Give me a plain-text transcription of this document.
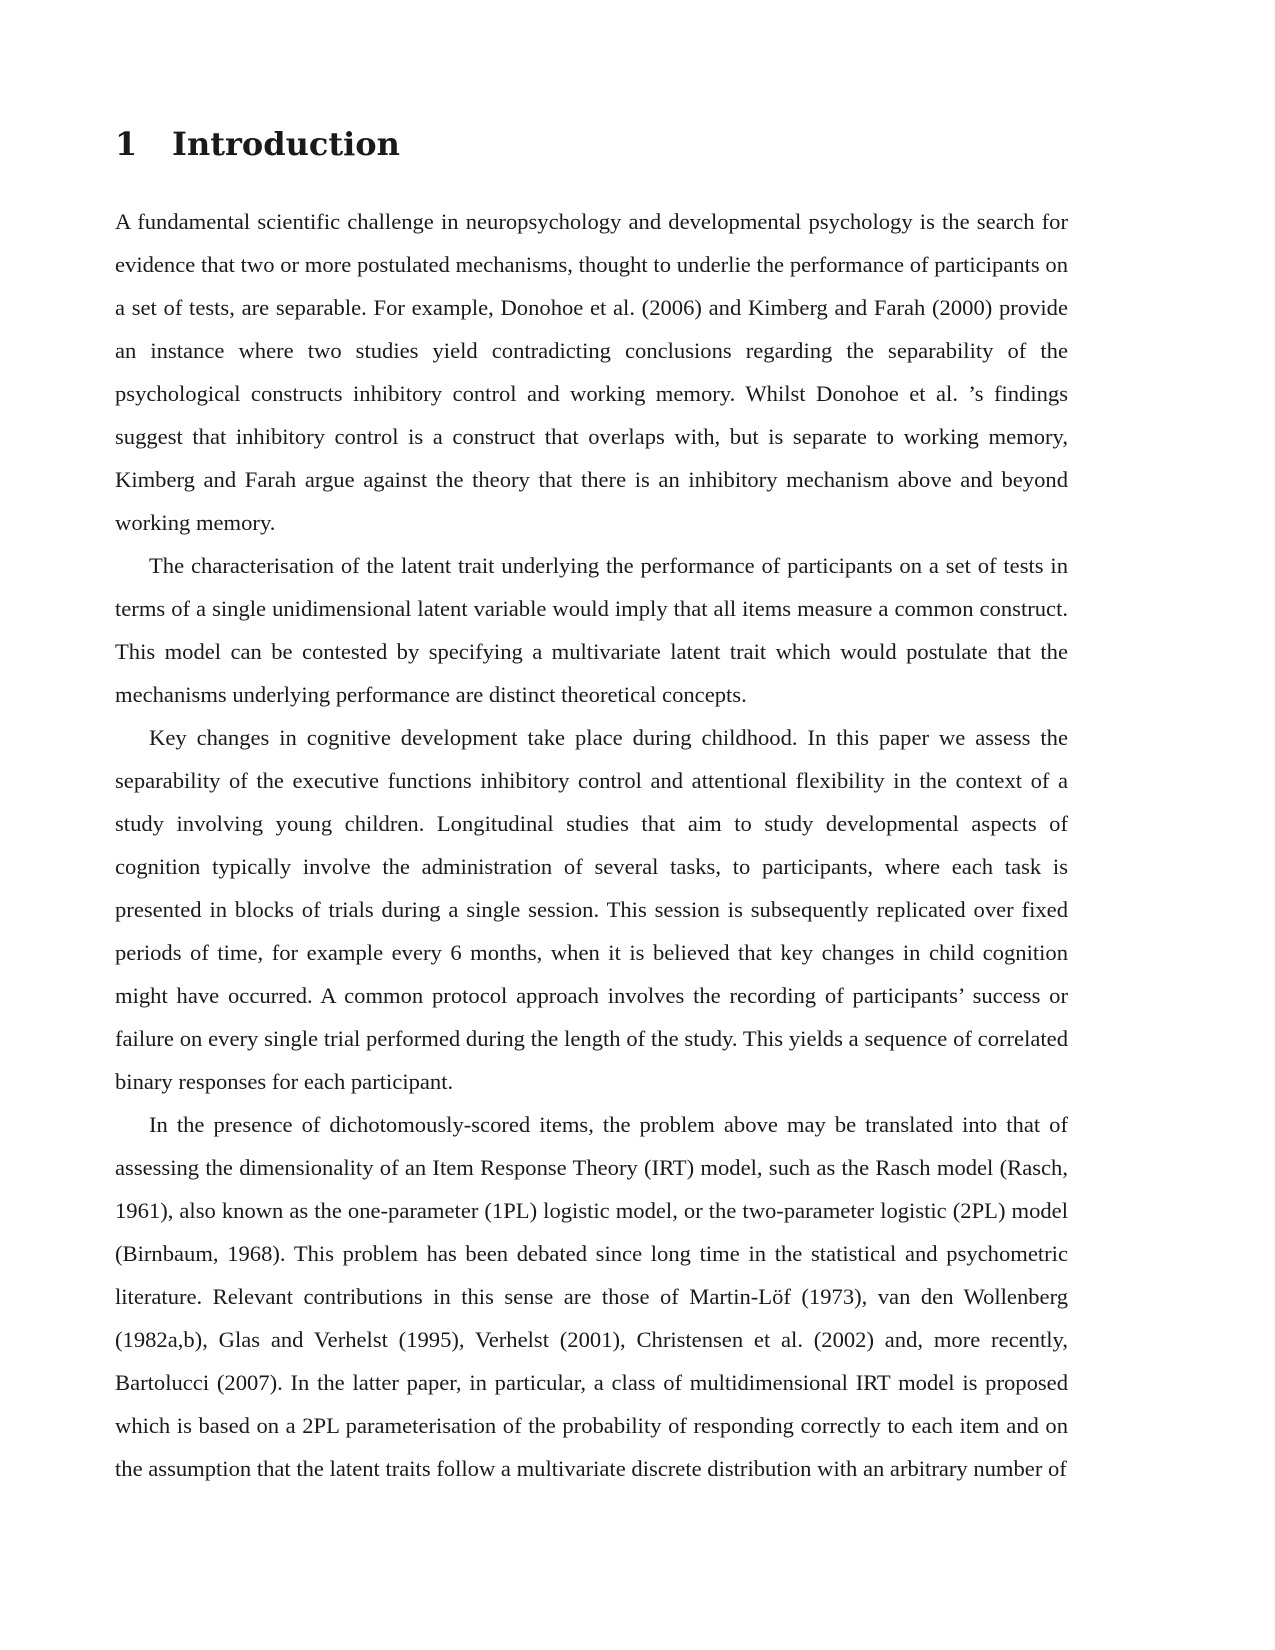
1	Introduction

A fundamental scientific challenge in neuropsychology and developmental psychology is the search for evidence that two or more postulated mechanisms, thought to underlie the performance of participants on a set of tests, are separable. For example, Donohoe et al. (2006) and Kimberg and Farah (2000) provide an instance where two studies yield contradicting conclusions regarding the separability of the psychological constructs inhibitory control and working memory. Whilst Donohoe et al. ’s findings suggest that inhibitory control is a construct that overlaps with, but is separate to working memory, Kimberg and Farah argue against the theory that there is an inhibitory mechanism above and beyond working memory.

The characterisation of the latent trait underlying the performance of participants on a set of tests in terms of a single unidimensional latent variable would imply that all items measure a common construct. This model can be contested by specifying a multivariate latent trait which would postulate that the mechanisms underlying performance are distinct theoretical concepts.

Key changes in cognitive development take place during childhood. In this paper we assess the separability of the executive functions inhibitory control and attentional flexibility in the context of a study involving young children. Longitudinal studies that aim to study developmental aspects of cognition typically involve the administration of several tasks, to participants, where each task is presented in blocks of trials during a single session. This session is subsequently replicated over fixed periods of time, for example every 6 months, when it is believed that key changes in child cognition might have occurred. A common protocol approach involves the recording of participants’ success or failure on every single trial performed during the length of the study. This yields a sequence of correlated binary responses for each participant.

In the presence of dichotomously-scored items, the problem above may be translated into that of assessing the dimensionality of an Item Response Theory (IRT) model, such as the Rasch model (Rasch, 1961), also known as the one-parameter (1PL) logistic model, or the two-parameter logistic (2PL) model (Birnbaum, 1968). This problem has been debated since long time in the statistical and psychometric literature. Relevant contributions in this sense are those of Martin-Löf (1973), van den Wollenberg (1982a,b), Glas and Verhelst (1995), Verhelst (2001), Christensen et al. (2002) and, more recently, Bartolucci (2007). In the latter paper, in particular, a class of multidimensional IRT model is proposed which is based on a 2PL parameterisation of the probability of responding correctly to each item and on the assumption that the latent traits follow a multivariate discrete distribution with an arbitrary number of
